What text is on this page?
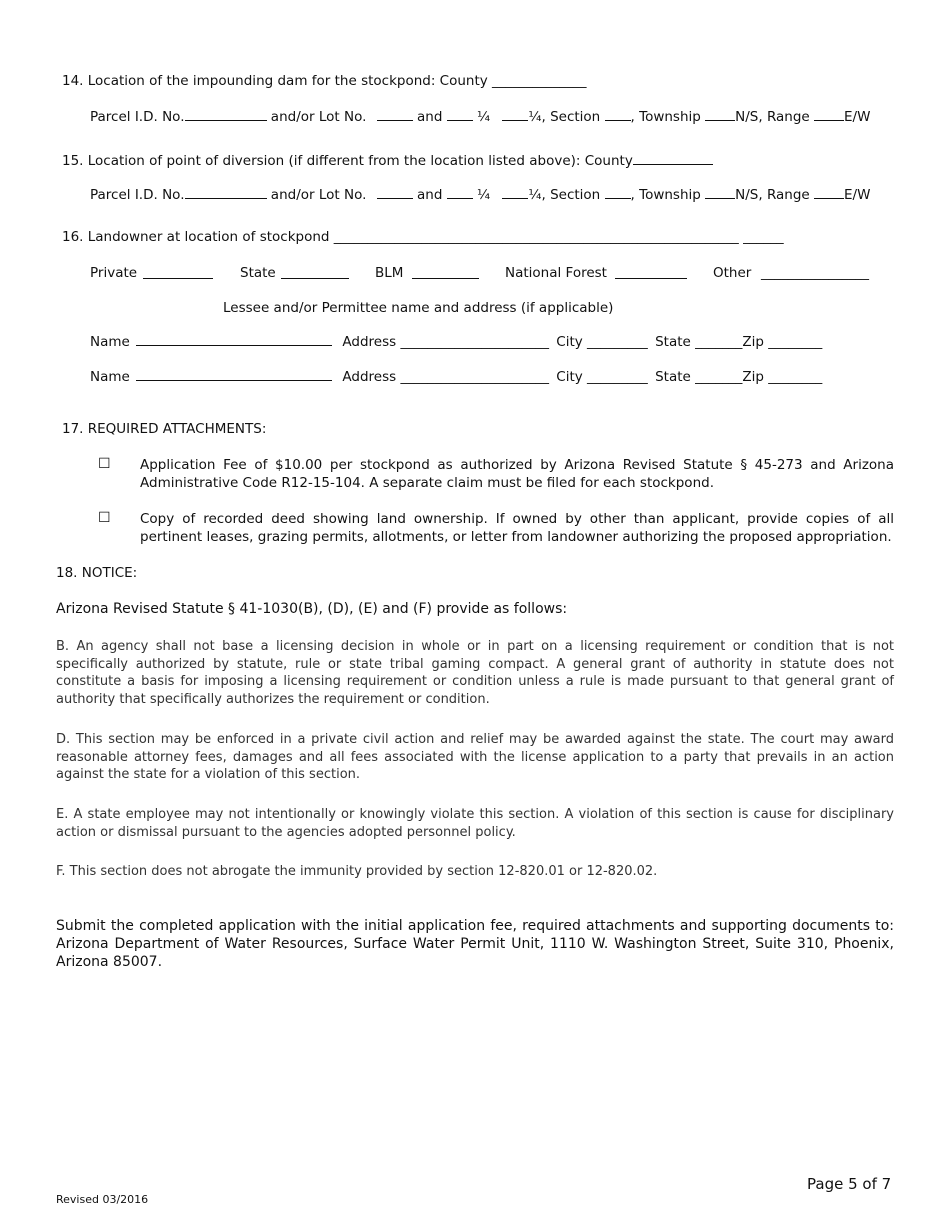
14. Location of the impounding dam for the stockpond: County ______________
Parcel I.D. No.	and/or Lot No.	and	¼	¼, Section , Township	N/S, Range	E/W
15. Location of point of diversion (if different from the location listed above): County
Parcel I.D. No.	and/or Lot No.	and	¼	¼, Section , Township	N/S, Range	E/W
16. Landowner at location of stockpond ____________________________________________________________ ______
Private	State	BLM	National Forest	Other ________________
Lessee and/or Permittee name and address (if applicable)
Name	Address ______________________ City _________ State _______Zip ________
Name	Address ______________________ City _________ State _______Zip ________
17. REQUIRED ATTACHMENTS:
☐ Application Fee of $10.00 per stockpond as authorized by Arizona Revised Statute § 45-273 and Arizona Administrative Code R12-15-104. A separate claim must be filed for each stockpond.
☐ Copy of recorded deed showing land ownership. If owned by other than applicant, provide copies of all pertinent leases, grazing permits, allotments, or letter from landowner authorizing the proposed appropriation.
18. NOTICE:
Arizona Revised Statute § 41-1030(B), (D), (E) and (F) provide as follows:
B. An agency shall not base a licensing decision in whole or in part on a licensing requirement or condition that is not specifically authorized by statute, rule or state tribal gaming compact. A general grant of authority in statute does not constitute a basis for imposing a licensing requirement or condition unless a rule is made pursuant to that general grant of authority that specifically authorizes the requirement or condition.
D. This section may be enforced in a private civil action and relief may be awarded against the state. The court may award reasonable attorney fees, damages and all fees associated with the license application to a party that prevails in an action against the state for a violation of this section.
E. A state employee may not intentionally or knowingly violate this section. A violation of this section is cause for disciplinary action or dismissal pursuant to the agencies adopted personnel policy.
F. This section does not abrogate the immunity provided by section 12-820.01 or 12-820.02.
Submit the completed application with the initial application fee, required attachments and supporting documents to: Arizona Department of Water Resources, Surface Water Permit Unit, 1110 W. Washington Street, Suite 310, Phoenix, Arizona 85007.
Page 5 of 7
Revised 03/2016
